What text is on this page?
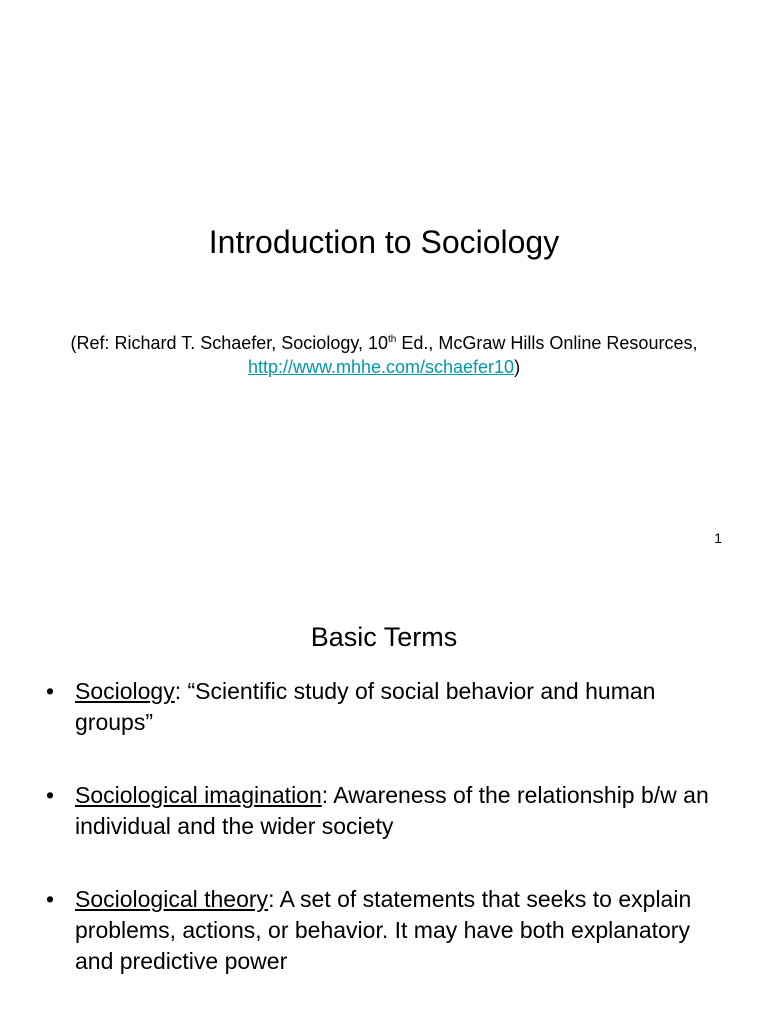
Introduction to Sociology
(Ref: Richard T. Schaefer, Sociology, 10th Ed., McGraw Hills Online Resources, http://www.mhhe.com/schaefer10)
1
Basic Terms
• Sociology: “Scientific study of social behavior and human groups”
• Sociological imagination: Awareness of the relationship b/w an individual and the wider society
• Sociological theory: A set of statements that seeks to explain problems, actions, or behavior. It may have both explanatory and predictive power
